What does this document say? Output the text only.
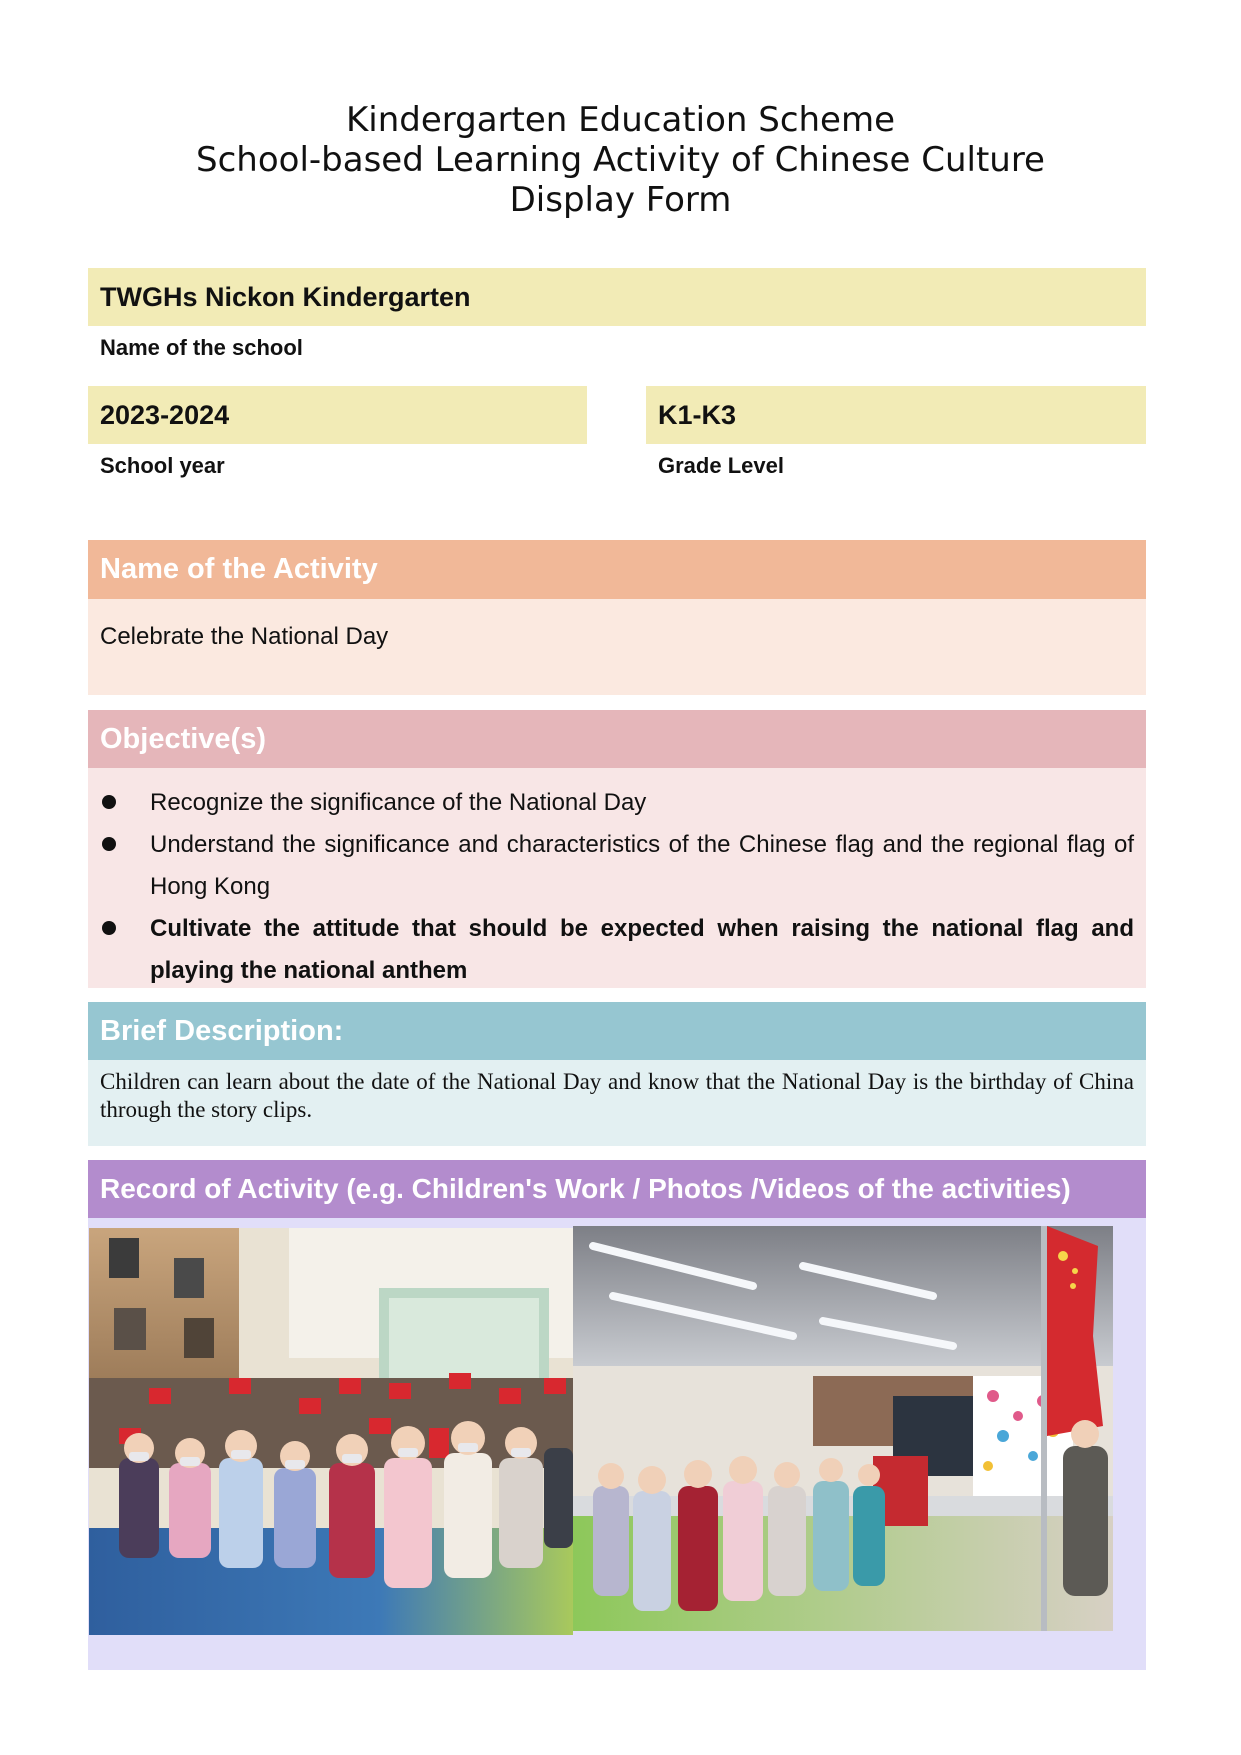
Kindergarten Education Scheme
School-based Learning Activity of Chinese Culture
Display Form
TWGHs Nickon Kindergarten
Name of the school
2023-2024
School year
K1-K3
Grade Level
Name of the Activity
Celebrate the National Day
Objective(s)
Recognize the significance of the National Day
Understand the significance and characteristics of the Chinese flag and the regional flag of Hong Kong
Cultivate the attitude that should be expected when raising the national flag and playing the national anthem
Brief Description:
Children can learn about the date of the National Day and know that the National Day is the birthday of China through the story clips.
Record of Activity (e.g. Children's Work / Photos /Videos of the activities)
